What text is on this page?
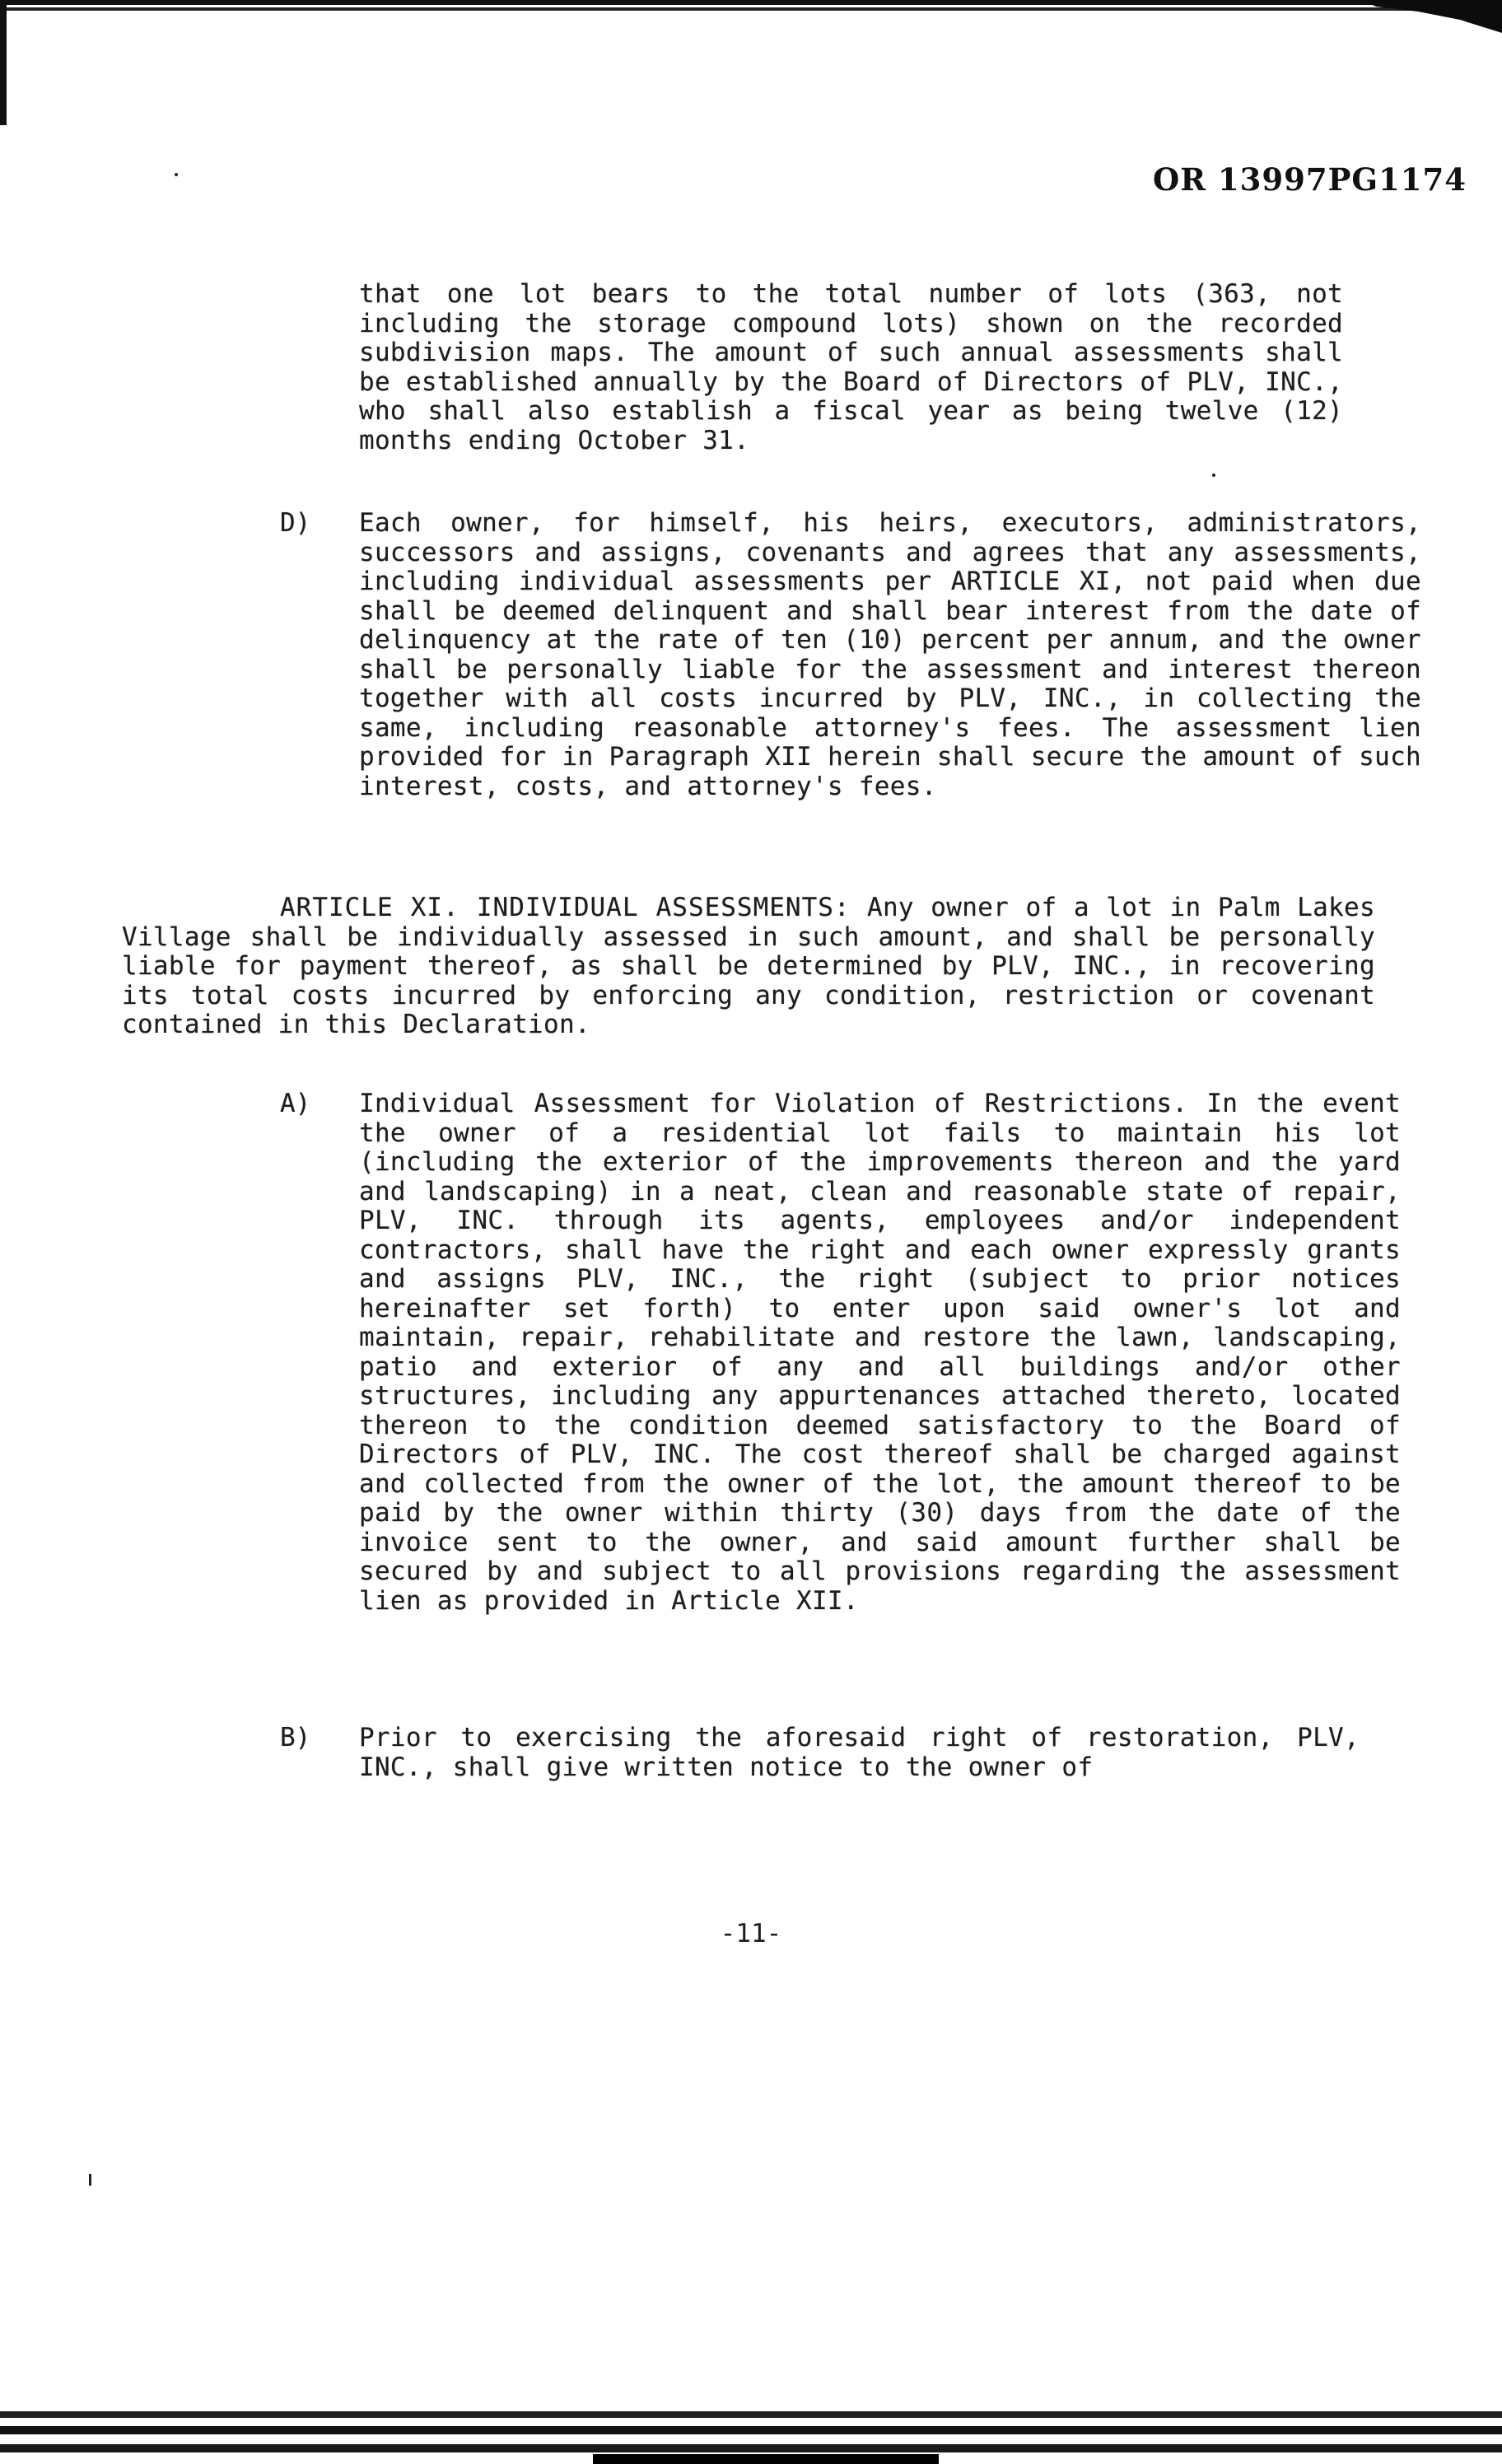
OR 13997PG1174

that one lot bears to the total number of lots (363, not including the storage compound lots) shown on the recorded subdivision maps. The amount of such annual assessments shall be established annually by the Board of Directors of PLV, INC., who shall also establish a fiscal year as being twelve (12) months ending October 31.

D) Each owner, for himself, his heirs, executors, administrators, successors and assigns, covenants and agrees that any assessments, including individual assessments per ARTICLE XI, not paid when due shall be deemed delinquent and shall bear interest from the date of delinquency at the rate of ten (10) percent per annum, and the owner shall be personally liable for the assessment and interest thereon together with all costs incurred by PLV, INC., in collecting the same, including reasonable attorney's fees. The assessment lien provided for in Paragraph XII herein shall secure the amount of such interest, costs, and attorney's fees.

ARTICLE XI. INDIVIDUAL ASSESSMENTS: Any owner of a lot in Palm Lakes Village shall be individually assessed in such amount, and shall be personally liable for payment thereof, as shall be determined by PLV, INC., in recovering its total costs incurred by enforcing any condition, restriction or covenant contained in this Declaration.

A) Individual Assessment for Violation of Restrictions. In the event the owner of a residential lot fails to maintain his lot (including the exterior of the improvements thereon and the yard and landscaping) in a neat, clean and reasonable state of repair, PLV, INC. through its agents, employees and/or independent contractors, shall have the right and each owner expressly grants and assigns PLV, INC., the right (subject to prior notices hereinafter set forth) to enter upon said owner's lot and maintain, repair, rehabilitate and restore the lawn, landscaping, patio and exterior of any and all buildings and/or other structures, including any appurtenances attached thereto, located thereon to the condition deemed satisfactory to the Board of Directors of PLV, INC. The cost thereof shall be charged against and collected from the owner of the lot, the amount thereof to be paid by the owner within thirty (30) days from the date of the invoice sent to the owner, and said amount further shall be secured by and subject to all provisions regarding the assessment lien as provided in Article XII.

B) Prior to exercising the aforesaid right of restoration, PLV, INC., shall give written notice to the owner of

-11-
